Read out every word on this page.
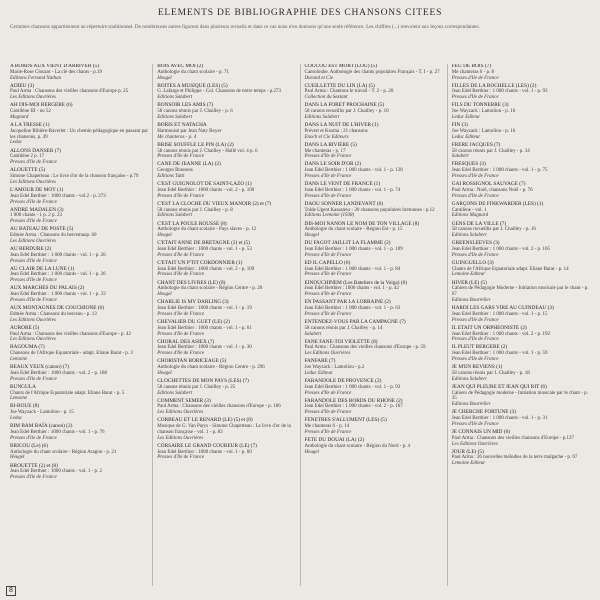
ELEMENTS DE BIBLIOGRAPHIE DES CHANSONS CITEES
Certaines chansons appartiennent au répertoire traditionnel. De nombreuses autres figurent dans plusieurs recueils et dans ce cas nous n'en donnons qu'une seule référence. Les chiffres (...) renvoient aux leçons correspondantes.
A BORDS AUX VIENT D'ARRIVER (5)
Marie-Rose Clouzot - La clé des chants - p.19
Editions Fernand Nathan
ADIEU (3)
Paul Arma : Chansons des vieilles chansons d'Europe p. 25
Les Editions Ouvrières
AH DIS-MOI BERGERE (6)
Cantilène III - no 52
Magnard
A LA TRESSE (1)
Jacqueline Ribière-Raverlet : Un chemin pédagogique en passant par les chansons, p. 49
Leduc
ALLONS DANSER (7)
Cantilène 2 p. 17
Presses d'Ile de France
ALOUETTE (5)
Simone Chaperteau : Le livre d'or de la chanson française - p.79
Les Editions Ouvrières
L'AMOUR DE MOY (1)
Jean Edel Berthier : 1000 chants - vol.2 - p. 273
Presses d'Ile de France
ANDRE MADALEN (3)
1 000 chants - 1 p. 2 p. 23
Presses d'Ile de France
AU BATEAU DE POSTE (5)
Edmée Arma : Chansons du bercemaup. 60
Les Editions Ouvrières
AU BERDURE (2)
Jean Edel Berthier : 1 000 chants - vol. 1 - p. 26
Presses d'Ile de France
AU CLAIR DE LA LUNE (1)
Jean Edel Berthier : 1 000 chants - vol. 1 - p. 26
Presses d'Ile de France
AUX MARCHES DU PALAIS (2)
Jean Edel Berthier : 1 000 chants - vol. 1 - p. 32
Presses d'Ile de France
AUX MONTAGNES DE COUCHIONE (6)
Edmée Arma : Chansons du berceau - p. 13
Les Editions Ouvrières
AURORE (5)
Paul Arma : Chansons des vieilles chansons d'Europe - p. 42
Les Editions Ouvrières
BAGOUMA (7)
Chansons de l'Afrique Equatoriale - adapt. Eliane Barat - p. 3
Lemoine
BEAUX YEUX (canon) (7)
Jean Edel Berthier : 1000 chants - vol. 2 - p. 188
Presses d'Ile de France
BUNGULA
Chants de l'Afrique Equatoriale adapt. Eliane Barat - p. 5
Lemoine
BI-BOUE (8)
Joe Wayzack - Lamoliou - p. 15
Leduc
BIM BAM BAÏA (canon) (2)
Jean Edel Berthier : 1000 chants - vol. 1 - p. 76
Presses d'Ile de France
BRICOU (Le) (6)
Anthologie du chant scolaire - Région Aragon - p. 21
Heugel
BROUETTE (2) et (8)
Jean Edel Berthier : 1000 chants - vol. 1 - p. 2
Presses d'Ile de France
BOIS AVEC MOI (2)
Anthologie du chant scolaire - p. 71
Heugel
BOITES A MUSIQUE (LES) (5)
G. Lafarge et Philippe - Col. Chansons de notre temps - p.273
Editions Salabert
BONSOIR LES AMIS (7)
58 canons réunis par J. Chailley - p. 6
Editions Salabert
BORIS ET NATACHA
Harmonisé par Jean Naty Boyer
Me chanteras - p. 4
BRISE SOUFFLE LE PIN (LA) (2)
58 canons réunis par J. Chailley - Hallé vol. 4 p. 6
Presses d'Ile de France
CANE DE JEANNE (LA) (2)
Georges Brassens
Editions Tutti
C'EST GUIGNOLOT DE SAINT-LAZO (1)
Jean Edel Berthier : 1000 chants - vol. 2 - p. 100
Presses d'Ile de France
C'EST LA CLOCHE DU VIEUX MANOIR (2) et (7)
58 canons réunis par J. Chailley - p. 8
Editions Salabert
C'EST LA POULE ROUSSE (8)
Anthologie du chant scolaire - Pays slaves - p. 12
Heugel
C'ETAIT ANNE DE BRETAGNE (2) et (5)
Jean Edel Berthier : 1000 chants - vol. 1 - p. 53
Presses d'Ile de France
C'ETAIT UN P'TIT CORDONNIER (1)
Jean Edel Berthier : 1000 chants - vol. 2 - p. 109
Presses d'Ile de France
CHANT DES LIVRES (LE) (8)
Anthologie du chant scolaire - Région Centre - p. 20
Heugel
CHARLIE IS MY DARLING (3)
Jean Edel Berthier : 1000 chants - vol. 1 - p. 19
Presses d'Ile de France
CHEVALIER DU GUET (LE) (2)
Jean Edel Berthier : 1000 chants - vol. 1 - p. 61
Presses d'Ile de France
CHORAL DES ASIEX (7)
Jean Edel Berthier : 1000 chants - vol. 1 - p. 30
Presses d'Ile de France
CHORISTAN BORICEAGE (5)
Anthologie du chant scolaire - Région Centre - p. 296
Heugel
CLOCHETTES DE MON PAYS (LES) (7)
58 canons réunis par J. Chailley - p. 25
Editions Salabert
COMMENT SEMER (3)
Paul Arma : Chansons des vieilles chansons d'Europe - p. 186
Les Editions Ouvrières
CORBEAU ET LE RENARD (LE) (5) et (8)
Musique de G. Van Parys - Simone Chaperteau : Le livre d'or de la chanson française - vol. 1 - p. 83
Les Editions Ouvrières
CORSAIRE LE GRAND COUREUR (LE) (7)
Jean Edel Berthier : 1000 chants - vol. 1 - p. 60
Presses d'Ile de France
COUCOU EST MORT (LOU) (5)
Cantoloube. Anthologie des chants populaires Français - T. I - p. 27
Durand et Cie
CUEILLETTE DU LIN (LA) (5)
Paul Arma : Chantons le travail - T. 2 - p. 20
Collection du Sextant
DANS LA FORET PROCHAINE (5)
58 canons recueillis par J. Chailley - p. 10
Editions Salabert
DANS LA NUIT DE L'HIVER (1)
Prévert et Kosma : 21 chansons
Enoch et Cie Editeurs
DANS LA RIVIERE (5)
Me chanteras - p. 17
Presses d'Ile de France
DANS LE SOIR D'OR (2)
Jean Edel Berthier : 1 000 chants - vol. 1 - p. 128
Presses d'Ile de France
DANS LE VENT DE FRANCE (1)
Jean Edel Berthier : 1 000 chants - vol. 1 - p. 74
Presses d'Ile de France
DAOU SONNER LANDEVANT (6)
Tolde Ugent Kassateur - 20 chansons populaires bretonnes - p.12
Editions Lemoine (1938)
DIS-MOI NANON LE NOM DE TON VILLAGE (8)
Anthologie du chant scolaire - Région Est - p. 15
Heugel
DU FAGOT JAILLIT LA FLAMME (2)
Jean Edel Berthier : 1 000 chants - vol. 1 - p. 109
Presses d'Ile de France
ED IL CAPELLO (6)
Jean Edel Berthier : 1 000 chants - vol. 1 - p. 84
Presses d'Ile de France
EINOUCHINEM (Les Bateliers de la Volga) (6)
Jean Edel Berthier : 1000 chants - vol. 1 - p. 42
Presses d'Ile de France
EN PASSANT PAR LA LORRAINE (2)
Jean Edel Berthier : 1 000 chants - vol. 1 - p. 63
Presses d'Ile de France
ENTENDEZ-VOUS PAR LA CAMPAGNE (7)
58 canons réunis par J. Chailley - p. 14
Salabert
FANE FANE-TOI VIOLETTE (8)
Paul Arma : Chansons des vieilles chansons d'Europe - p. 59
Les Editions Ouvrières
FANFARE (7)
Joe Wayzack : Lamoliou - p.2
Leduc Editeur
FARANDOLE DE PROVENCE (2)
Jean Edel Berthier : 1 000 chants - vol. 1 - p. 93
Presses d'Ile de France
FARANDOLE DES BORDS DU RHONE (2)
Jean Edel Berthier : 1 000 chants - vol. 2 - p. 167
Presses d'Ile de France
FENETRES S'ALLUMENT (LES) (5)
Me chanteras 6 - p. 14
Presses d'Ile de France
FETE DU DOUAI (LA) (2)
Anthologie du chant scolaire - Région du Nord - p. 4
Heugel
FEU DE BOIS (7)
Me chanteras 6 - p. 8
Presses d'Ile de France
FILLES DE LA ROCHELLE (LES) (2)
Jean Edel Berthier : 1 000 chants - vol. 1 - p. 93
Presses d'Ile de France
FILS DU TONNERRE (3)
Joe Wayzack : Lamoliou - p. 16
Leduc Editeur
FIN (3)
Joe Wayzack : Lamoliou - p. 16
Leduc Editeur
FRERE JACQUES (7)
58 canons réunis par J. Chailley - p. 34
Salabert
FRESQUES (3)
Jean Edel Berthier : 1 000 chants - vol. 1 - p. 75
Presses d'Ile de France
GAI ROSSIGNOL SAUVAGE (7)
Paul Arma : Noël, chansons Noël - p. 76
Presses d'Ile de France
GARÇONS DE FINKWARDER (LES) (1)
Cantilène - vol. 1
Editions Magnard
GENS DE LA VILLE (7)
58 canons recueillis par J. Chailley - p. 16
Editions Salabert
GREENSLEEVES (3)
Jean Edel Berthier : 1 000 chants - vol. 2 - p. 165
Presses d'Ile de France
GUINGUELLO (3)
Chants de l'Afrique Equatoriale adapt. Eliane Barat - p. 14
Lemoine Editeur
HIVER (LE) (5)
Cahiers de Pédagogie Moderne - Initiation musicale par le chant - p. 67
Editions Bourrelier
HARDI LES GARS VIRE AU GUINDEAU (3)
Jean Edel Berthier : 1 000 chants - vol. 1 - p. 15
Presses d'Ile de France
IL ETAIT UN ORPHEONISTE (2)
Jean Edel Berthier : 1 000 chants - vol. 2 - p. 192
Presses d'Ile de France
IL PLEUT BERGERE (2)
Jean Edel Berthier : 1 000 chants - vol. 1 - p. 59
Presses d'Ile de France
JE M'EN REVIENS (1)
58 canons réunis par J. Chailley - p. 18
Editions Salabert
JEAN QUI PLEURE ET JEAN QUI RIT (6)
Cahiers de Pédagogie moderne - Initiation musicale par le chant - p. 35
Editions Bourrelier
JE CHERCHE FORTUNE (3)
Jean Edel Berthier : 1 000 chants - vol. 1 - p. 31
Presses d'Ile de France
JE CONNAIS UN MID (6)
Paul Arma : Chansons des vieilles chansons d'Europe - p.127
Les Editions Ouvrières
JOUR (LE) (5)
Paul Arma : 26 nouvelles mélodies de la terre malgache - p. 67
Lemoine Editeur
8
